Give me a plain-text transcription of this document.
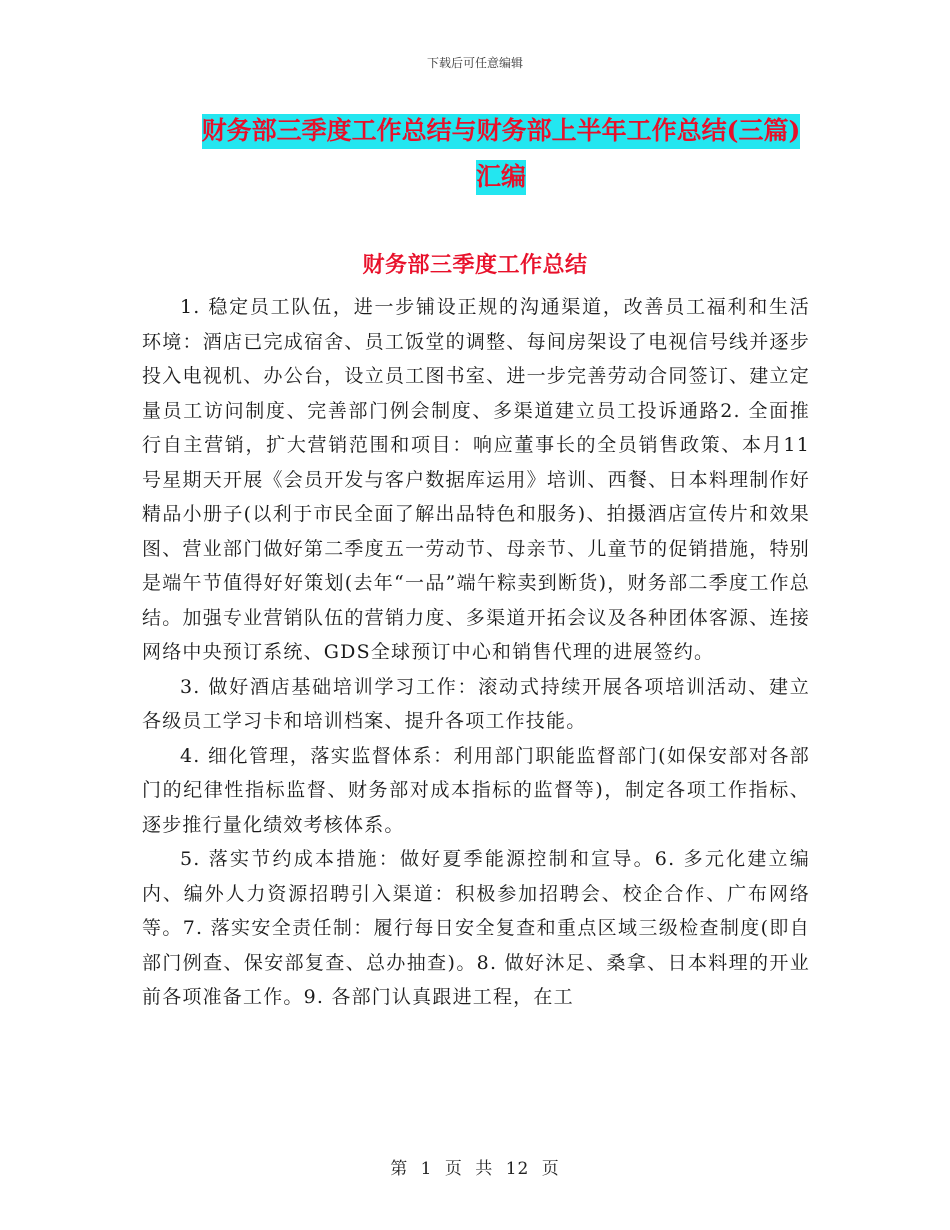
下载后可任意编辑
财务部三季度工作总结与财务部上半年工作总结(三篇)汇编
财务部三季度工作总结

1. 稳定员工队伍，进一步铺设正规的沟通渠道，改善员工福利和生活环境：酒店已完成宿舍、员工饭堂的调整、每间房架设了电视信号线并逐步投入电视机、办公台，设立员工图书室、进一步完善劳动合同签订、建立定量员工访问制度、完善部门例会制度、多渠道建立员工投诉通路2. 全面推行自主营销，扩大营销范围和项目：响应董事长的全员销售政策、本月11号星期天开展《会员开发与客户数据库运用》培训、西餐、日本料理制作好精品小册子(以利于市民全面了解出品特色和服务)、拍摄酒店宣传片和效果图、营业部门做好第二季度五一劳动节、母亲节、儿童节的促销措施，特别是端午节值得好好策划(去年“一品”端午粽卖到断货)，财务部二季度工作总结。加强专业营销队伍的营销力度、多渠道开拓会议及各种团体客源、连接网络中央预订系统、GDS全球预订中心和销售代理的进展签约。

3. 做好酒店基础培训学习工作：滚动式持续开展各项培训活动、建立各级员工学习卡和培训档案、提升各项工作技能。

4. 细化管理，落实监督体系：利用部门职能监督部门(如保安部对各部门的纪律性指标监督、财务部对成本指标的监督等)，制定各项工作指标、逐步推行量化绩效考核体系。

5. 落实节约成本措施：做好夏季能源控制和宣导。6. 多元化建立编内、编外人力资源招聘引入渠道：积极参加招聘会、校企合作、广布网络等。7. 落实安全责任制：履行每日安全复查和重点区域三级检查制度(即自部门例查、保安部复查、总办抽查)。8. 做好沐足、桑拿、日本料理的开业前各项准备工作。9. 各部门认真跟进工程，在工

第 1 页 共 12 页
